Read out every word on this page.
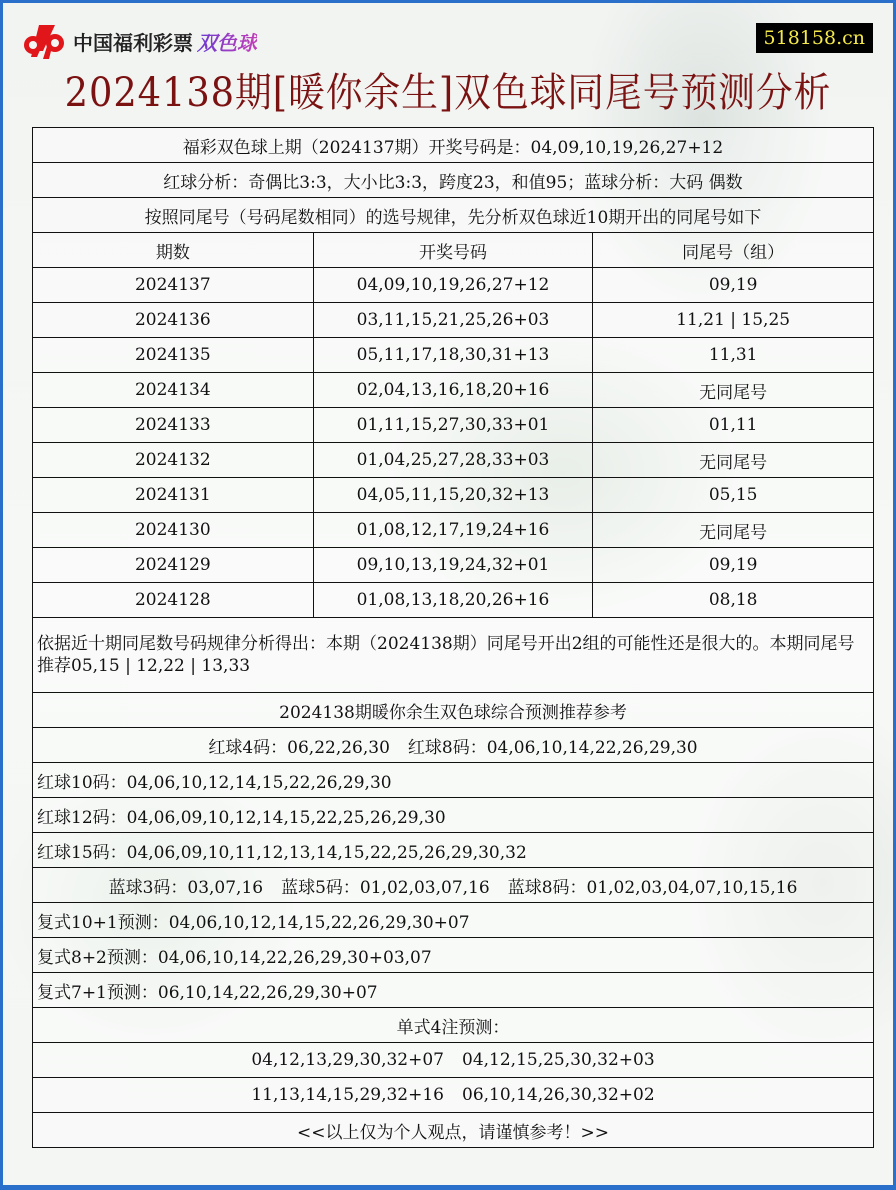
中国福利彩票 双色球	518158.cn
2024138期[暖你余生]双色球同尾号预测分析
福彩双色球上期（2024137期）开奖号码是：04,09,10,19,26,27+12		
红球分析：奇偶比3:3，大小比3:3，跨度23，和值95；蓝球分析：大码 偶数		
按照同尾号（号码尾数相同）的选号规律，先分析双色球近10期开出的同尾号如下		
期数	开奖号码	同尾号（组）
2024137	04,09,10,19,26,27+12	09,19
2024136	03,11,15,21,25,26+03	11,21 | 15,25
2024135	05,11,17,18,30,31+13	11,31
2024134	02,04,13,16,18,20+16	无同尾号
2024133	01,11,15,27,30,33+01	01,11
2024132	01,04,25,27,28,33+03	无同尾号
2024131	04,05,11,15,20,32+13	05,15
2024130	01,08,12,17,19,24+16	无同尾号
2024129	09,10,13,19,24,32+01	09,19
2024128	01,08,13,18,20,26+16	08,18
依据近十期同尾数号码规律分析得出：本期（2024138期）同尾号开出2组的可能性还是很大的。本期同尾号推荐05,15 | 12,22 | 13,33		
2024138期暖你余生双色球综合预测推荐参考		
红球4码：06,22,26,30 红球8码：04,06,10,14,22,26,29,30		
红球10码：04,06,10,12,14,15,22,26,29,30		
红球12码：04,06,09,10,12,14,15,22,25,26,29,30		
红球15码：04,06,09,10,11,12,13,14,15,22,25,26,29,30,32		
蓝球3码：03,07,16 蓝球5码：01,02,03,07,16 蓝球8码：01,02,03,04,07,10,15,16		
复式10+1预测：04,06,10,12,14,15,22,26,29,30+07		
复式8+2预测：04,06,10,14,22,26,29,30+03,07		
复式7+1预测：06,10,14,22,26,29,30+07		
单式4注预测：		
04,12,13,29,30,32+07 04,12,15,25,30,32+03		
11,13,14,15,29,32+16 06,10,14,26,30,32+02		
<<以上仅为个人观点，请谨慎参考！>>		
